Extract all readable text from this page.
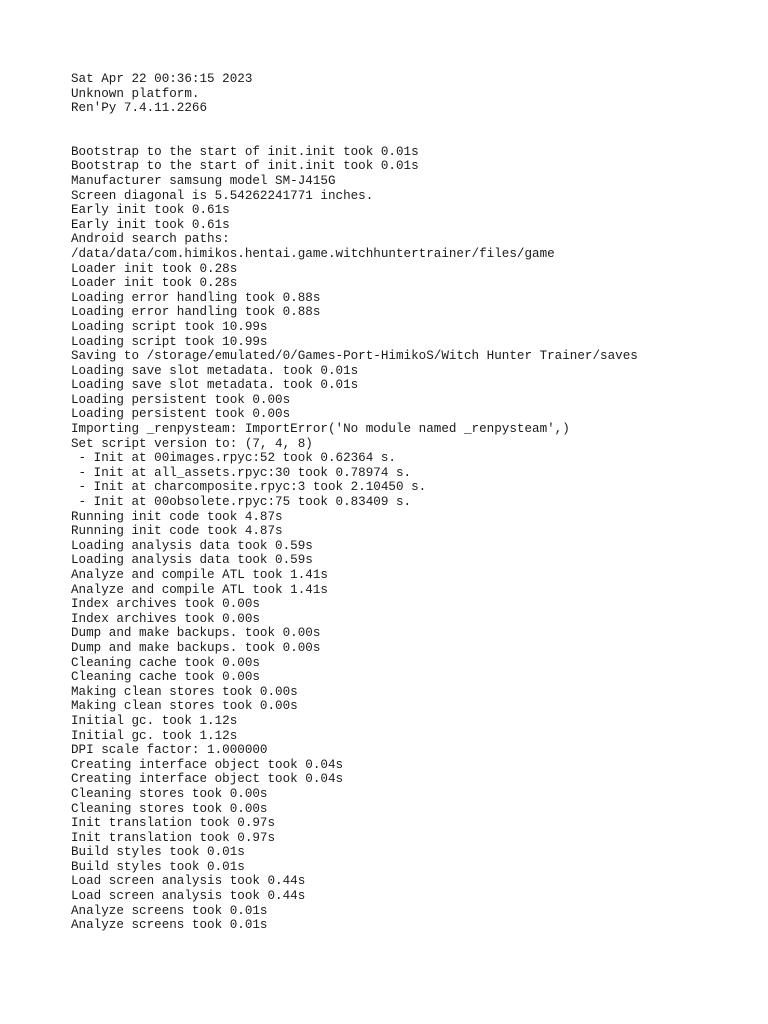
Sat Apr 22 00:36:15 2023
Unknown platform.
Ren'Py 7.4.11.2266
Bootstrap to the start of init.init took 0.01s
Bootstrap to the start of init.init took 0.01s
Manufacturer samsung model SM-J415G
Screen diagonal is 5.54262241771 inches.
Early init took 0.61s
Early init took 0.61s
Android search paths:
/data/data/com.himikos.hentai.game.witchhuntertrainer/files/game
Loader init took 0.28s
Loader init took 0.28s
Loading error handling took 0.88s
Loading error handling took 0.88s
Loading script took 10.99s
Loading script took 10.99s
Saving to /storage/emulated/0/Games-Port-HimikoS/Witch Hunter Trainer/saves
Loading save slot metadata. took 0.01s
Loading save slot metadata. took 0.01s
Loading persistent took 0.00s
Loading persistent took 0.00s
Importing _renpysteam: ImportError('No module named _renpysteam',)
Set script version to: (7, 4, 8)
- Init at 00images.rpyc:52 took 0.62364 s.
- Init at all_assets.rpyc:30 took 0.78974 s.
- Init at charcomposite.rpyc:3 took 2.10450 s.
- Init at 00obsolete.rpyc:75 took 0.83409 s.
Running init code took 4.87s
Running init code took 4.87s
Loading analysis data took 0.59s
Loading analysis data took 0.59s
Analyze and compile ATL took 1.41s
Analyze and compile ATL took 1.41s
Index archives took 0.00s
Index archives took 0.00s
Dump and make backups. took 0.00s
Dump and make backups. took 0.00s
Cleaning cache took 0.00s
Cleaning cache took 0.00s
Making clean stores took 0.00s
Making clean stores took 0.00s
Initial gc. took 1.12s
Initial gc. took 1.12s
DPI scale factor: 1.000000
Creating interface object took 0.04s
Creating interface object took 0.04s
Cleaning stores took 0.00s
Cleaning stores took 0.00s
Init translation took 0.97s
Init translation took 0.97s
Build styles took 0.01s
Build styles took 0.01s
Load screen analysis took 0.44s
Load screen analysis took 0.44s
Analyze screens took 0.01s
Analyze screens took 0.01s
